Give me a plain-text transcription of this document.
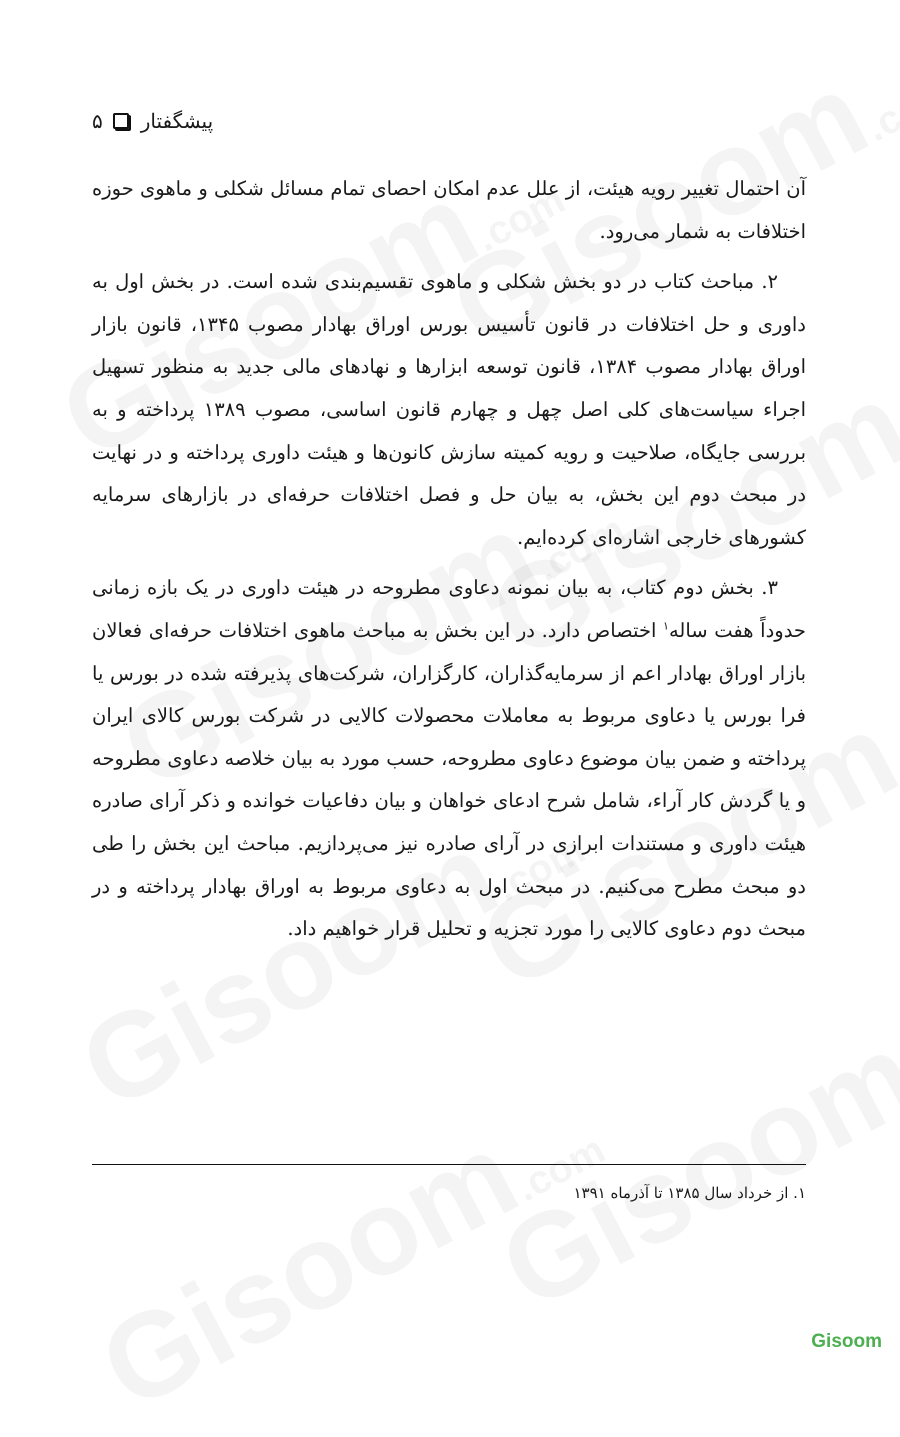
۵ پیشگفتار

آن احتمال تغییر رویه هیئت، از علل عدم امکان احصای تمام مسائل شکلی و ماهوی حوزه اختلافات به شمار می‌رود.

۲. مباحث کتاب در دو بخش شکلی و ماهوی تقسیم‌بندی شده است. در بخش اول به داوری و حل اختلافات در قانون تأسیس بورس اوراق بهادار مصوب ۱۳۴۵، قانون بازار اوراق بهادار مصوب ۱۳۸۴، قانون توسعه ابزارها و نهادهای مالی جدید به منظور تسهیل اجراء سیاست‌های کلی اصل چهل و چهارم قانون اساسی، مصوب ۱۳۸۹ پرداخته و به بررسی جایگاه، صلاحیت و رویه کمیته سازش کانون‌ها و هیئت داوری پرداخته و در نهایت در مبحث دوم این بخش، به بیان حل و فصل اختلافات حرفه‌ای در بازارهای سرمایه کشورهای خارجی اشاره‌ای کرده‌ایم.

۳. بخش دوم کتاب، به بیان نمونه دعاوی مطروحه در هیئت داوری در یک بازه زمانی حدوداً هفت ساله$^۱$ اختصاص دارد. در این بخش به مباحث ماهوی اختلافات حرفه‌ای فعالان بازار اوراق بهادار اعم از سرمایه‌گذاران، کارگزاران، شرکت‌های پذیرفته شده در بورس یا فرا بورس یا دعاوی مربوط به معاملات محصولات کالایی در شرکت بورس کالای ایران پرداخته و ضمن بیان موضوع دعاوی مطروحه، حسب مورد به بیان خلاصه دعاوی مطروحه و یا گردش کار آراء، شامل شرح ادعای خواهان و بیان دفاعیات خوانده و ذکر آرای صادره هیئت داوری و مستندات ابرازی در آرای صادره نیز می‌پردازیم. مباحث این بخش را طی دو مبحث مطرح می‌کنیم. در مبحث اول به دعاوی مربوط به اوراق بهادار پرداخته و در مبحث دوم دعاوی کالایی را مورد تجزیه و تحلیل قرار خواهیم داد.

۱. از خرداد سال ۱۳۸۵ تا آذرماه ۱۳۹۱
Gisoom
